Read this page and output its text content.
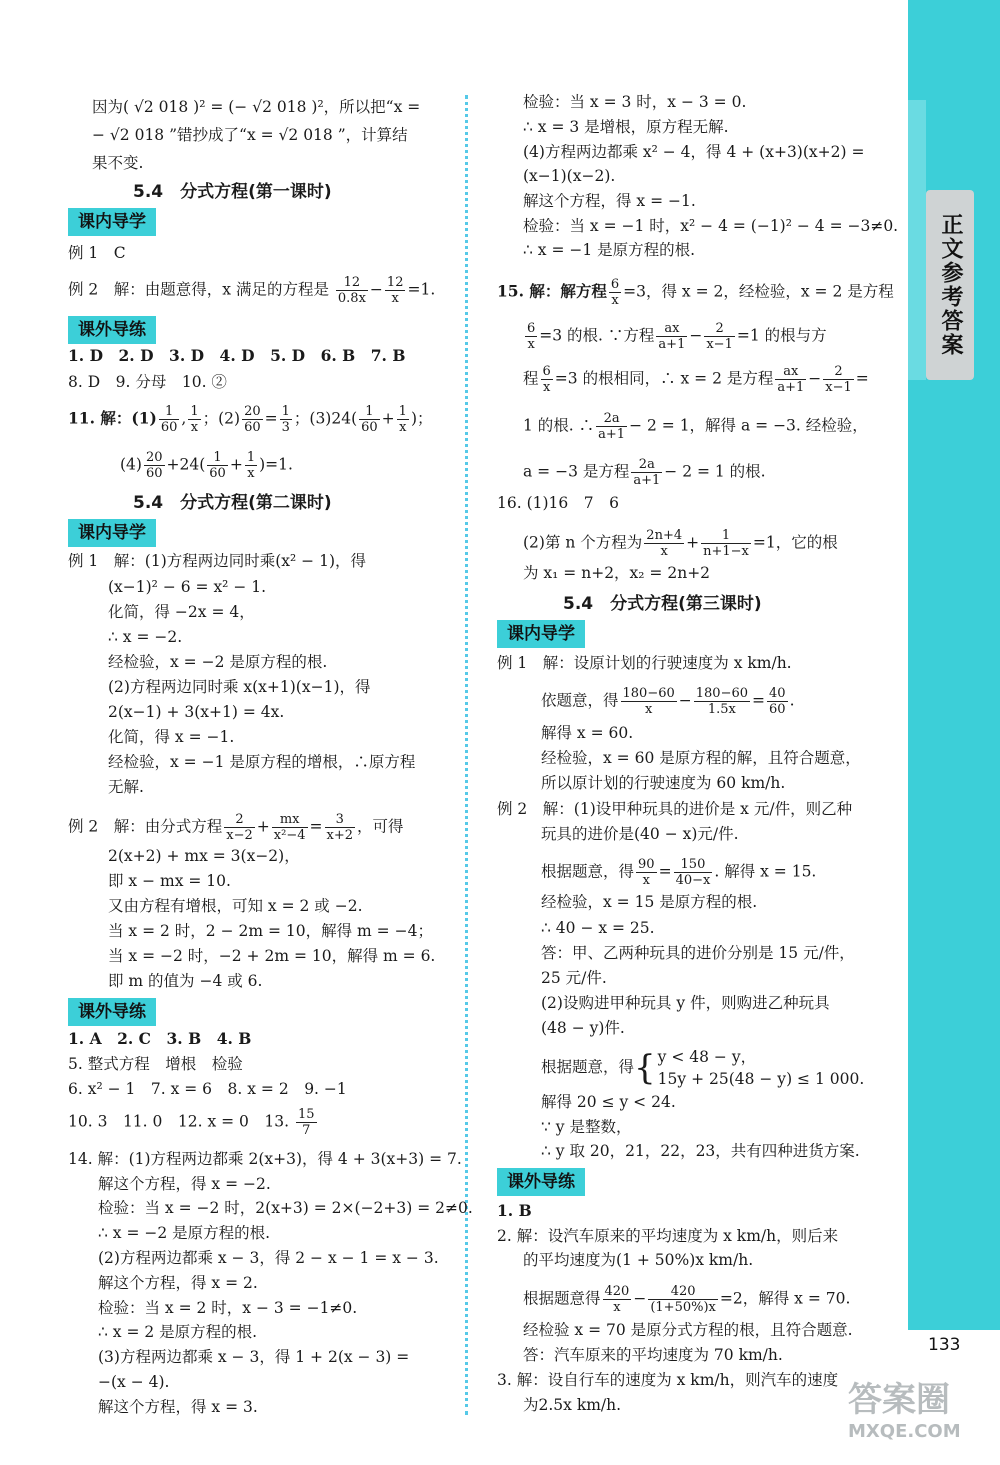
正文参考答案
133
因为( √2 018 )² = (− √2 018 )²，所以把“x =
− √2 018 ”错抄成了“x = √2 018 ”，计算结
果不变.
5.4　分式方程(第一课时)
课内导学
例 1　C
例 2　解：由题意得，x 满足的方程是 $\frac{12}{0.8x} - \frac{12}{x} =1$.
课外导练
1. D　2. D　3. D　4. D　5. D　6. B　7. B
8. D　9. 分母　10. ②
11. 解：$(1) \frac{1}{60}$ , $\frac{1}{x}$ ；$(2) \frac{20}{60} = \frac{1}{3}$ ；$(3)24( \frac{1}{60} + \frac{1}{x}$ )；
$(4) \frac{20}{60} +24( \frac{1}{60} + \frac{1}{x} )=1$.
5.4　分式方程(第二课时)
课内导学
例 1　解：(1)方程两边同时乘(x² − 1)，得
(x−1)² − 6 = x² − 1.
化简，得 −2x = 4，
∴ x = −2.
经检验，x = −2 是原方程的根.
(2)方程两边同时乘 x(x+1)(x−1)，得
2(x−1) + 3(x+1) = 4x.
化简，得 x = −1.
经检验，x = −1 是原方程的增根，∴原方程
无解.
例 2　解：由分式方程 $\frac{2}{x-2} + \frac{mx}{\text{x²−4}} = \frac{3}{x+2}$ ，可得
2(x+2) + mx = 3(x−2)，
即 x − mx = 10.
又由方程有增根，可知 x = 2 或 −2.
当 x = 2 时，2 − 2m = 10，解得 m = −4；
当 x = −2 时，−2 + 2m = 10，解得 m = 6.
即 m 的值为 −4 或 6.
课外导练
1. A　2. C　3. B　4. B
5. 整式方程　增根　检验
6. x² − 1　7. x = 6　8. x = 2　9. −1
10. 3　11. 0　12. x = 0　13. $\frac{15}{7}$
14. 解：(1)方程两边都乘 2(x+3)，得 4 + 3(x+3) = 7.
解这个方程，得 x = −2.
检验：当 x = −2 时，2(x+3) = 2×(−2+3) = 2≠0.
∴ x = −2 是原方程的根.
(2)方程两边都乘 x − 3，得 2 − x − 1 = x − 3.
解这个方程，得 x = 2.
检验：当 x = 2 时，x − 3 = −1≠0.
∴ x = 2 是原方程的根.
(3)方程两边都乘 x − 3，得 1 + 2(x − 3) =
−(x − 4).
解这个方程，得 x = 3.
检验：当 x = 3 时，x − 3 = 0.
∴ x = 3 是增根，原方程无解.
(4)方程两边都乘 x² − 4，得 4 + (x+3)(x+2) =
(x−1)(x−2).
解这个方程，得 x = −1.
检验：当 x = −1 时，x² − 4 = (−1)² − 4 = −3≠0.
∴ x = −1 是原方程的根.
15. 解：解方程 $\frac{6}{x} =3$，得 x = 2，经检验，x = 2 是方程
$\frac{6}{x} =3$ 的根. ∵方程 $\frac{ax}{a+1} - \frac{2}{x-1} =1$ 的根与方
程 $\frac{6}{x} =3$ 的根相同，∴ x = 2 是方程 $\frac{ax}{a+1} - \frac{2}{x-1}$ =
1 的根. ∴ $\frac{2a}{a+1} - 2 = 1$，解得 a = −3. 经检验，
a = −3 是方程 $\frac{2a}{a+1} - 2 = 1$ 的根.
16. (1)16　7　6
(2)第 n 个方程为 $\frac{2n+4}{x} + \frac{1}{n+1-x} =1$，它的根
为 x₁ = n+2，x₂ = 2n+2
5.4　分式方程(第三课时)
课内导学
例 1　解：设原计划的行驶速度为 x km/h.
依题意，得 $\frac{180-60}{x} - \frac{180-60}{1.5x} = \frac{40}{60}$ .
解得 x = 60.
经检验，x = 60 是原方程的解，且符合题意，
所以原计划的行驶速度为 60 km/h.
例 2　解：(1)设甲种玩具的进价是 x 元/件，则乙种
玩具的进价是(40 − x)元/件.
根据题意，得 $\frac{90}{x} = \frac{150}{40-x}$ . 解得 x = 15.
经检验，x = 15 是原方程的根.
∴ 40 − x = 25.
答：甲、乙两种玩具的进价分别是 15 元/件，
25 元/件.
(2)设购进甲种玩具 y 件，则购进乙种玩具
(48 − y)件.
根据题意，得{ y < 48 − y，
15y + 25(48 − y) ≤ 1 000.
解得 20 ≤ y < 24.
∵ y 是整数，
∴ y 取 20，21，22，23，共有四种进货方案.
课外导练
1. B
2. 解：设汽车原来的平均速度为 x km/h，则后来
的平均速度为(1 + 50%)x km/h.
根据题意得 $\frac{420}{x} - \frac{420}{(1+50\%)x} =2$，解得 x = 70.
经检验 x = 70 是原分式方程的根，且符合题意.
答：汽车原来的平均速度为 70 km/h.
3. 解：设自行车的速度为 x km/h，则汽车的速度
为2.5x km/h.	答案圈
MXQE.COM
